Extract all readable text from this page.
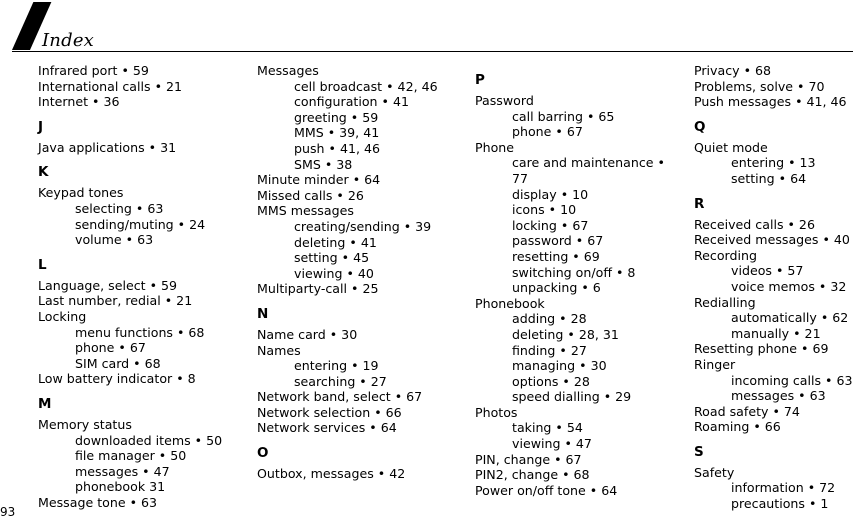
Index
Infrared port • 59
International calls • 21
Internet • 36
J
Java applications • 31
K
Keypad tones
selecting • 63
sending/muting • 24
volume • 63
L
Language, select • 59
Last number, redial • 21
Locking
menu functions • 68
phone • 67
SIM card • 68
Low battery indicator • 8
M
Memory status
downloaded items • 50
file manager • 50
messages • 47
phonebook 31
Message tone • 63
Messages
cell broadcast • 42, 46
configuration • 41
greeting • 59
MMS • 39, 41
push • 41, 46
SMS • 38
Minute minder • 64
Missed calls • 26
MMS messages
creating/sending • 39
deleting • 41
setting • 45
viewing • 40
Multiparty-call • 25
N
Name card • 30
Names
entering • 19
searching • 27
Network band, select • 67
Network selection • 66
Network services • 64
O
Outbox, messages • 42
P
Password
call barring • 65
phone • 67
Phone
care and maintenance • 77
display • 10
icons • 10
locking • 67
password • 67
resetting • 69
switching on/off • 8
unpacking • 6
Phonebook
adding • 28
deleting • 28, 31
finding • 27
managing • 30
options • 28
speed dialling • 29
Photos
taking • 54
viewing • 47
PIN, change • 67
PIN2, change • 68
Power on/off tone • 64
Privacy • 68
Problems, solve • 70
Push messages • 41, 46
Q
Quiet mode
entering • 13
setting • 64
R
Received calls • 26
Received messages • 40
Recording
videos • 57
voice memos • 32
Redialling
automatically • 62
manually • 21
Resetting phone • 69
Ringer
incoming calls • 63
messages • 63
Road safety • 74
Roaming • 66
S
Safety
information • 72
precautions • 1
93
